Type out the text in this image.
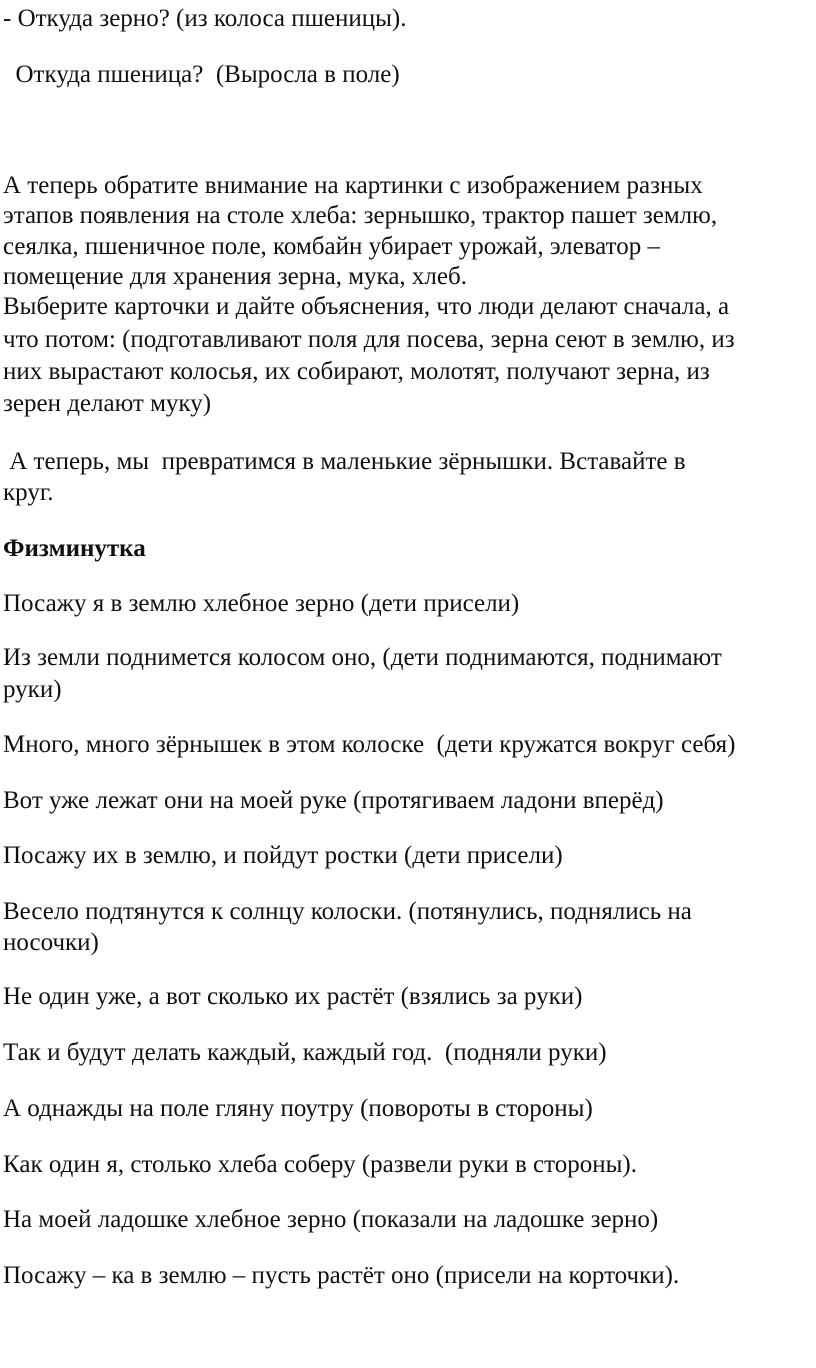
- Откуда зерно? (из колоса пшеницы).

Откуда пшеница?  (Выросла в поле)

А теперь обратите внимание на картинки с изображением разных

этапов появления на столе хлеба: зернышко, трактор пашет землю,

сеялка, пшеничное поле, комбайн убирает урожай, элеватор –

помещение для хранения зерна, мука, хлеб.

Выберите карточки и дайте объяснения, что люди делают сначала, а

что потом: (подготавливают поля для посева, зерна сеют в землю, из

них вырастают колосья, их собирают, молотят, получают зерна, из

зерен делают муку)

А теперь, мы  превратимся в маленькие зёрнышки. Вставайте в

круг.

Физминутка

Посажу я в землю хлебное зерно (дети присели)

Из земли поднимется колосом оно, (дети поднимаются, поднимают

руки)

Много, много зёрнышек в этом колоске  (дети кружатся вокруг себя)

Вот уже лежат они на моей руке (протягиваем ладони вперёд)

Посажу их в землю, и пойдут ростки (дети присели)

Весело подтянутся к солнцу колоски. (потянулись, поднялись на

носочки)

Не один уже, а вот сколько их растёт (взялись за руки)

Так и будут делать каждый, каждый год.  (подняли руки)

А однажды на поле гляну поутру (повороты в стороны)

Как один я, столько хлеба соберу (развели руки в стороны).

На моей ладошке хлебное зерно (показали на ладошке зерно)

Посажу – ка в землю – пусть растёт оно (присели на корточки).
